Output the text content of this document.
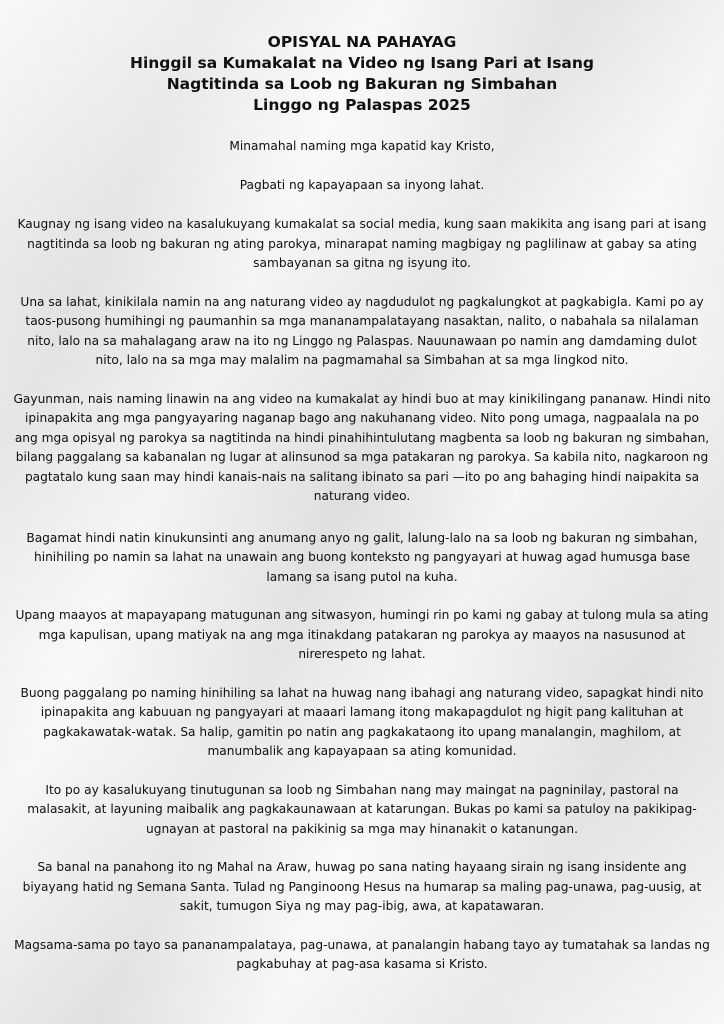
OPISYAL NA PAHAYAG
Hinggil sa Kumakalat na Video ng Isang Pari at Isang
Nagtitinda sa Loob ng Bakuran ng Simbahan
Linggo ng Palaspas 2025

Minamahal naming mga kapatid kay Kristo,

Pagbati ng kapayapaan sa inyong lahat.

Kaugnay ng isang video na kasalukuyang kumakalat sa social media, kung saan makikita ang isang pari at isang nagtitinda sa loob ng bakuran ng ating parokya, minarapat naming magbigay ng paglilinaw at gabay sa ating sambayanan sa gitna ng isyung ito.

Una sa lahat, kinikilala namin na ang naturang video ay nagdudulot ng pagkalungkot at pagkabigla. Kami po ay taos-pusong humihingi ng paumanhin sa mga mananampalatayang nasaktan, nalito, o nabahala sa nilalaman nito, lalo na sa mahalagang araw na ito ng Linggo ng Palaspas. Nauunawaan po namin ang damdaming dulot nito, lalo na sa mga may malalim na pagmamahal sa Simbahan at sa mga lingkod nito.

Gayunman, nais naming linawin na ang video na kumakalat ay hindi buo at may kinikilingang pananaw. Hindi nito ipinapakita ang mga pangyayaring naganap bago ang nakuhanang video. Nito pong umaga, nagpaalala na po ang mga opisyal ng parokya sa nagtitinda na hindi pinahihintulutang magbenta sa loob ng bakuran ng simbahan, bilang paggalang sa kabanalan ng lugar at alinsunod sa mga patakaran ng parokya. Sa kabila nito, nagkaroon ng pagtatalo kung saan may hindi kanais-nais na salitang ibinato sa pari —ito po ang bahaging hindi naipakita sa naturang video.

Bagamat hindi natin kinukunsinti ang anumang anyo ng galit, lalung-lalo na sa loob ng bakuran ng simbahan, hinihiling po namin sa lahat na unawain ang buong konteksto ng pangyayari at huwag agad humusga base lamang sa isang putol na kuha.

Upang maayos at mapayapang matugunan ang sitwasyon, humingi rin po kami ng gabay at tulong mula sa ating mga kapulisan, upang matiyak na ang mga itinakdang patakaran ng parokya ay maayos na nasusunod at nirerespeto ng lahat.

Buong paggalang po naming hinihiling sa lahat na huwag nang ibahagi ang naturang video, sapagkat hindi nito ipinapakita ang kabuuan ng pangyayari at maaari lamang itong makapagdulot ng higit pang kalituhan at pagkakawatak-watak. Sa halip, gamitin po natin ang pagkakataong ito upang manalangin, maghilom, at manumbalik ang kapayapaan sa ating komunidad.

Ito po ay kasalukuyang tinutugunan sa loob ng Simbahan nang may maingat na pagninilay, pastoral na malasakit, at layuning maibalik ang pagkakaunawaan at katarungan. Bukas po kami sa patuloy na pakikipag-ugnayan at pastoral na pakikinig sa mga may hinanakit o katanungan.

Sa banal na panahong ito ng Mahal na Araw, huwag po sana nating hayaang sirain ng isang insidente ang biyayang hatid ng Semana Santa. Tulad ng Panginoong Hesus na humarap sa maling pag-unawa, pag-uusig, at sakit, tumugon Siya ng may pag-ibig, awa, at kapatawaran.

Magsama-sama po tayo sa pananampalataya, pag-unawa, at panalangin habang tayo ay tumatahak sa landas ng pagkabuhay at pag-asa kasama si Kristo.
